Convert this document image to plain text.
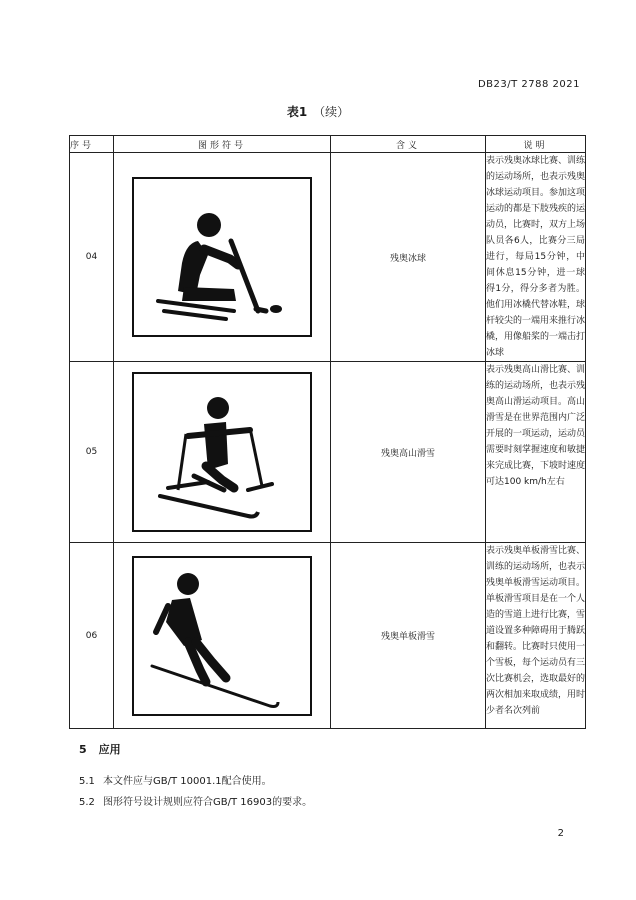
DB23/T 2788 2021
表1 （续）
序号	图形符号	含义	说明
04		残奥冰球	表示残奥冰球比赛、训练的运动场所，也表示残奥冰球运动项目。参加这项运动的都是下肢残疾的运动员，比赛时，双方上场队员各6人，比赛分三局进行，每局15分钟，中间休息15分钟，进一球得1分，得分多者为胜。他们用冰橇代替冰鞋，球杆较尖的一端用来推行冰橇，用像船桨的一端击打冰球
05		残奥高山滑雪	表示残奥高山滑比赛、训练的运动场所，也表示残奥高山滑运动项目。高山滑雪是在世界范围内广泛开展的一项运动，运动员需要时刻掌握速度和敏捷来完成比赛，下坡时速度可达100 km/h左右
06		残奥单板滑雪	表示残奥单板滑雪比赛、训练的运动场所，也表示残奥单板滑雪运动项目。单板滑雪项目是在一个人造的雪道上进行比赛，雪道设置多种障碍用于腾跃和翻转。比赛时只使用一个雪板，每个运动员有三次比赛机会，选取最好的两次相加来取成绩，用时少者名次列前
5 应用
5.1 本文件应与GB/T 10001.1配合使用。
5.2 图形符号设计规则应符合GB/T 16903的要求。
2
